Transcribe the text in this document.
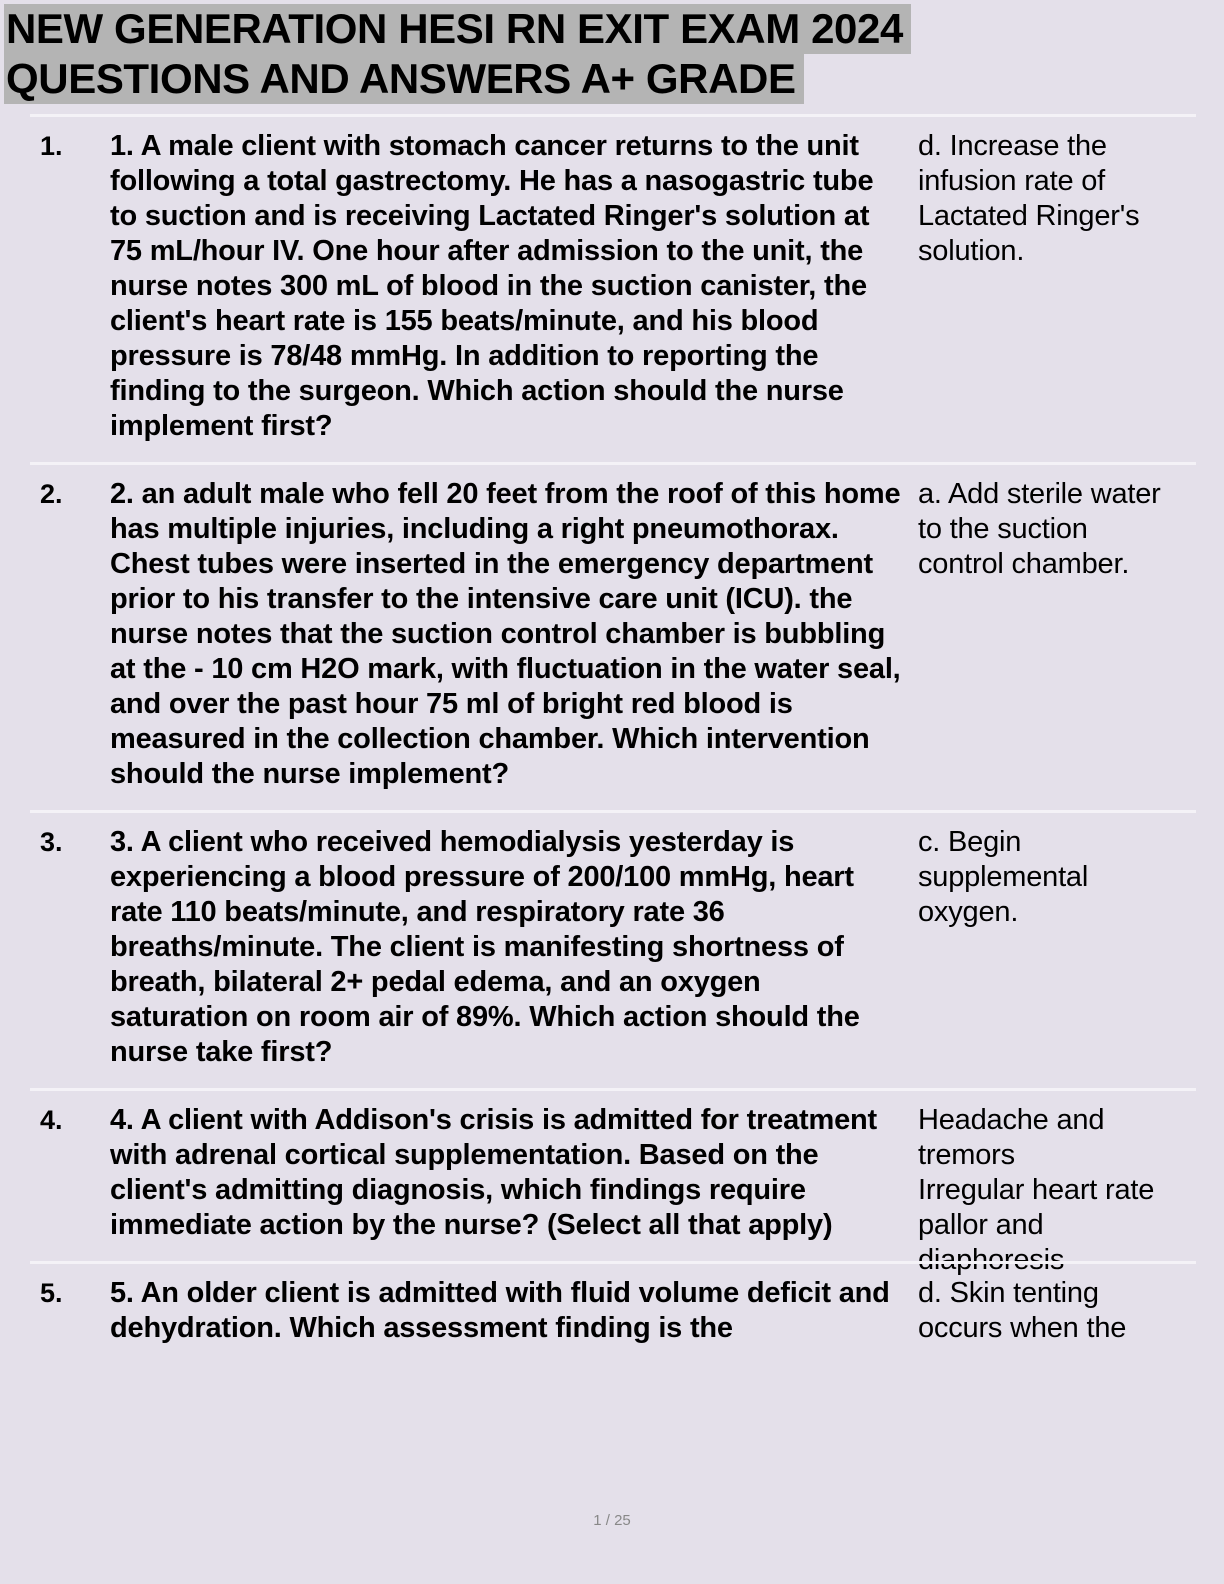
NEW GENERATION HESI RN EXIT EXAM 2024
QUESTIONS AND ANSWERS A+ GRADE
1. 1. A male client with stomach cancer returns to the unit following a total gastrectomy. He has a nasogastric tube to suction and is receiving Lactated Ringer's solution at 75 mL/hour IV. One hour after admission to the unit, the nurse notes 300 mL of blood in the suction canister, the client's heart rate is 155 beats/minute, and his blood pressure is 78/48 mmHg. In addition to reporting the finding to the surgeon. Which action should the nurse implement first?
d. Increase the infusion rate of Lactated Ringer's solution.
2. 2. an adult male who fell 20 feet from the roof of this home has multiple injuries, including a right pneumothorax. Chest tubes were inserted in the emergency department prior to his transfer to the intensive care unit (ICU). the nurse notes that the suction control chamber is bubbling at the - 10 cm H2O mark, with fluctuation in the water seal, and over the past hour 75 ml of bright red blood is measured in the collection chamber. Which intervention should the nurse implement?
a. Add sterile water to the suction control chamber.
3. 3. A client who received hemodialysis yesterday is experiencing a blood pressure of 200/100 mmHg, heart rate 110 beats/minute, and respiratory rate 36 breaths/minute. The client is manifesting shortness of breath, bilateral 2+ pedal edema, and an oxygen saturation on room air of 89%. Which action should the nurse take first?
c. Begin supplemental oxygen.
4. 4. A client with Addison's crisis is admitted for treatment with adrenal cortical supplementation. Based on the client's admitting diagnosis, which findings require immediate action by the nurse? (Select all that apply)
Headache and tremors
Irregular heart rate
pallor and diaphoresis
5. 5. An older client is admitted with fluid volume deficit and dehydration. Which assessment finding is the
d. Skin tenting occurs when the
1 / 25
